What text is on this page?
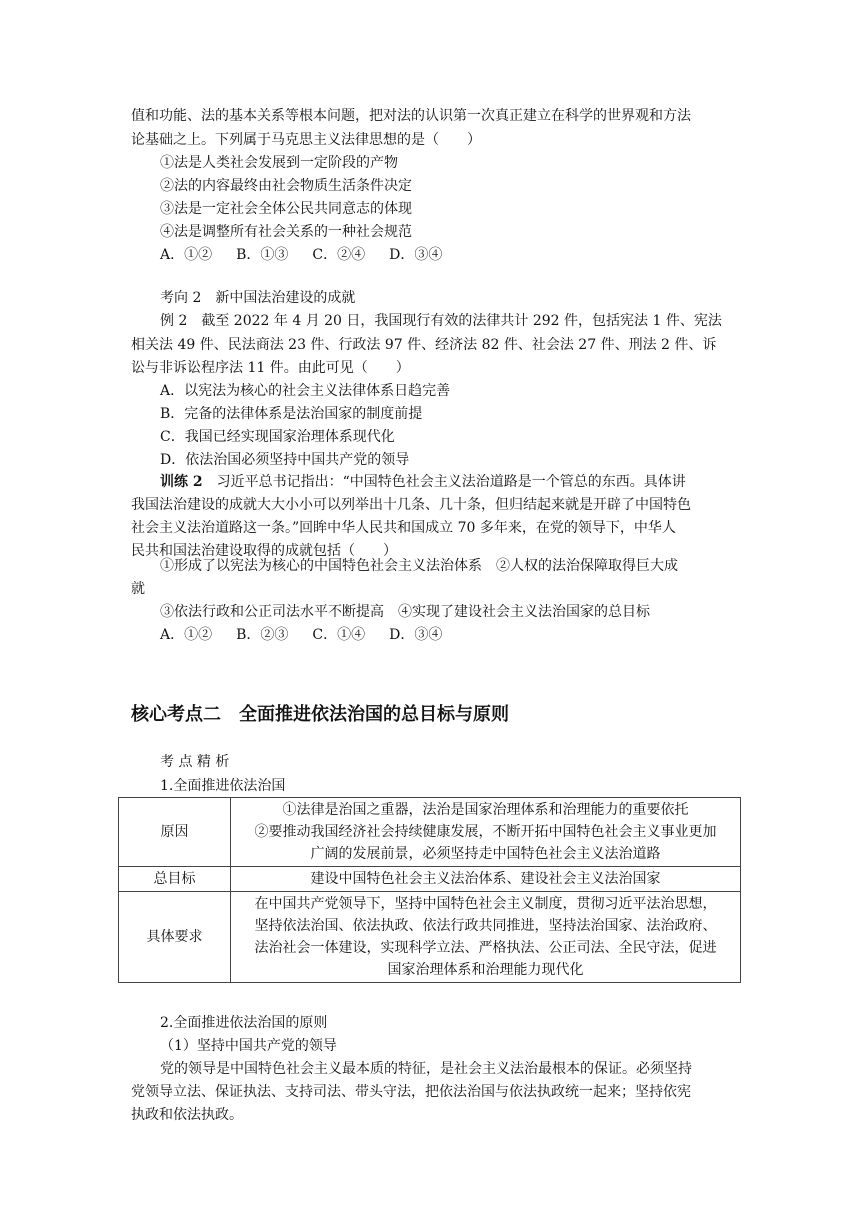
值和功能、法的基本关系等根本问题，把对法的认识第一次真正建立在科学的世界观和方法
论基础之上。下列属于马克思主义法律思想的是（　　）
①法是人类社会发展到一定阶段的产物
②法的内容最终由社会物质生活条件决定
③法是一定社会全体公民共同意志的体现
④法是调整所有社会关系的一种社会规范
A．①② B．①③ C．②④ D．③④
考向 2　新中国法治建设的成就
例 2　截至 2022 年 4 月 20 日，我国现行有效的法律共计 292 件，包括宪法 1 件、宪法
相关法 49 件、民法商法 23 件、行政法 97 件、经济法 82 件、社会法 27 件、刑法 2 件、诉
讼与非诉讼程序法 11 件。由此可见（　　）
A．以宪法为核心的社会主义法律体系日趋完善
B．完备的法律体系是法治国家的制度前提
C．我国已经实现国家治理体系现代化
D．依法治国必须坚持中国共产党的领导
训练 2　习近平总书记指出：“中国特色社会主义法治道路是一个管总的东西。具体讲
我国法治建设的成就大大小小可以列举出十几条、几十条，但归结起来就是开辟了中国特色
社会主义法治道路这一条。”回眸中华人民共和国成立 70 多年来，在党的领导下，中华人
民共和国法治建设取得的成就包括（　　）
①形成了以宪法为核心的中国特色社会主义法治体系　②人权的法治保障取得巨大成
就
③依法行政和公正司法水平不断提高　④实现了建设社会主义法治国家的总目标
A．①② B．②③ C．①④ D．③④
核心考点二 全面推进依法治国的总目标与原则
考 点 精 析
1.全面推进依法治国
原因	①法律是治国之重器，法治是国家治理体系和治理能力的重要依托
②要推动我国经济社会持续健康发展，不断开拓中国特色社会主义事业更加
广阔的发展前景，必须坚持走中国特色社会主义法治道路

总目标	建设中国特色社会主义法治体系、建设社会主义法治国家

具体要求	在中国共产党领导下，坚持中国特色社会主义制度，贯彻习近平法治思想，
坚持依法治国、依法执政、依法行政共同推进，坚持法治国家、法治政府、
法治社会一体建设，实现科学立法、严格执法、公正司法、全民守法，促进
国家治理体系和治理能力现代化
2.全面推进依法治国的原则
（1）坚持中国共产党的领导
党的领导是中国特色社会主义最本质的特征，是社会主义法治最根本的保证。必须坚持
党领导立法、保证执法、支持司法、带头守法，把依法治国与依法执政统一起来；坚持依宪
执政和依法执政。
